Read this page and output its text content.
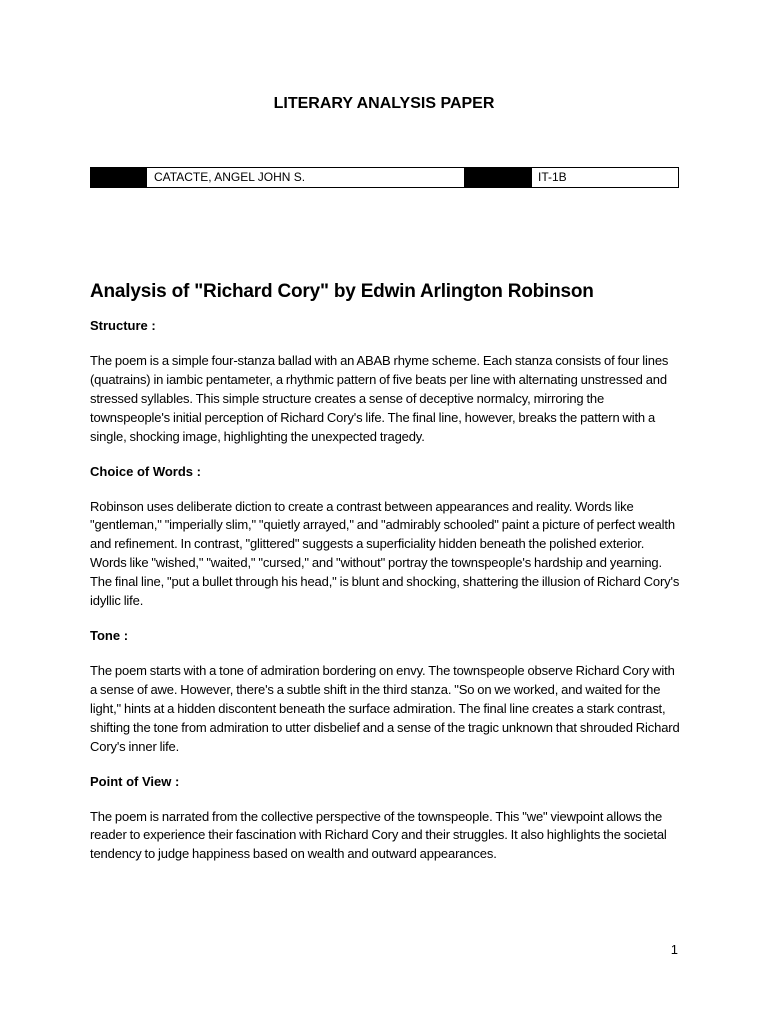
LITERARY ANALYSIS PAPER
CATACTE, ANGEL JOHN S.	IT-1B
Analysis of "Richard Cory" by Edwin Arlington Robinson

Structure :

The poem is a simple four-stanza ballad with an ABAB rhyme scheme. Each stanza consists of four lines (quatrains) in iambic pentameter, a rhythmic pattern of five beats per line with alternating unstressed and stressed syllables. This simple structure creates a sense of deceptive normalcy, mirroring the townspeople's initial perception of Richard Cory's life. The final line, however, breaks the pattern with a single, shocking image, highlighting the unexpected tragedy.

Choice of Words :

Robinson uses deliberate diction to create a contrast between appearances and reality. Words like "gentleman," "imperially slim," "quietly arrayed," and "admirably schooled" paint a picture of perfect wealth and refinement. In contrast, "glittered" suggests a superficiality hidden beneath the polished exterior. Words like "wished," "waited," "cursed," and "without" portray the townspeople's hardship and yearning. The final line, "put a bullet through his head," is blunt and shocking, shattering the illusion of Richard Cory's idyllic life.

Tone :

The poem starts with a tone of admiration bordering on envy. The townspeople observe Richard Cory with a sense of awe. However, there's a subtle shift in the third stanza. "So on we worked, and waited for the light," hints at a hidden discontent beneath the surface admiration. The final line creates a stark contrast, shifting the tone from admiration to utter disbelief and a sense of the tragic unknown that shrouded Richard Cory's inner life.

Point of View :

The poem is narrated from the collective perspective of the townspeople. This "we" viewpoint allows the reader to experience their fascination with Richard Cory and their struggles. It also highlights the societal tendency to judge happiness based on wealth and outward appearances.

1
